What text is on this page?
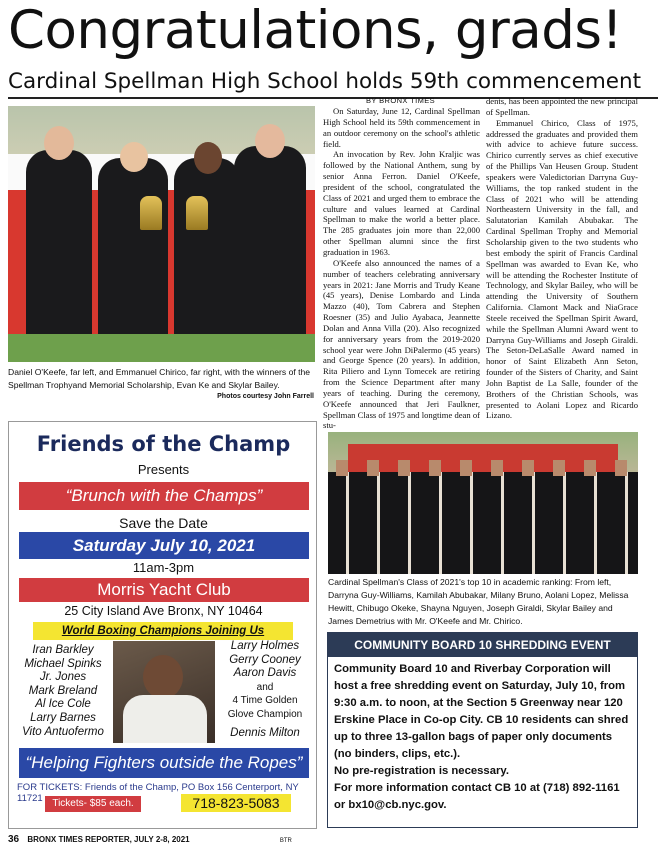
Congratulations, grads!
Cardinal Spellman High School holds 59th commencement
Daniel O'Keefe, far left, and Emmanuel Chirico, far right, with the winners of the Spellman Trophyand Memorial Scholarship, Evan Ke and Skylar Bailey.
Photos courtesy John Farrell
BY BRONX TIMES

On Saturday, June 12, Cardinal Spellman High School held its 59th commencement in an outdoor ceremony on the school's athletic field.

An invocation by Rev. John Kraljic was followed by the National Anthem, sung by senior Anna Ferron. Daniel O'Keefe, president of the school, congratulated the Class of 2021 and urged them to embrace the culture and values learned at Cardinal Spellman to make the world a better place. The 285 graduates join more than 22,000 other Spellman alumni since the first graduation in 1963.

O'Keefe also announced the names of a number of teachers celebrating anniversary years in 2021: Jane Morris and Trudy Keane (45 years), Denise Lombardo and Linda Mazzo (40), Tom Cabrera and Stephen Roesner (35) and Julio Ayabaca, Jeannette Dolan and Anna Villa (20). Also recognized for anniversary years from the 2019-2020 school year were John DiPalermo (45 years) and George Spence (20 years). In addition, Rita Piliero and Lynn Tomecek are retiring from the Science Department after many years of teaching. During the ceremony, O'Keefe announced that Jeri Faulkner, Spellman Class of 1975 and longtime dean of stu-

dents, has been appointed the new principal of Spellman.

Emmanuel Chirico, Class of 1975, addressed the graduates and provided them with advice to achieve future success. Chirico currently serves as chief executive of the Phillips Van Heusen Group. Student speakers were Valedictorian Darryna Guy-Williams, the top ranked student in the Class of 2021 who will be attending Northeastern University in the fall, and Salutatorian Kamilah Abubakar. The Cardinal Spellman Trophy and Memorial Scholarship given to the two students who best embody the spirit of Francis Cardinal Spellman was awarded to Evan Ke, who will be attending the Rochester Institute of Technology, and Skylar Bailey, who will be attending the University of Southern California. Clamont Mack and NiaGrace Steele received the Spellman Spirit Award, while the Spellman Alumni Award went to Darryna Guy-Williams and Joseph Giraldi. The Seton-DeLaSalle Award named in honor of Saint Elizabeth Ann Seton, founder of the Sisters of Charity, and Saint John Baptist de La Salle, founder of the Brothers of the Christian Schools, was presented to Aolani Lopez and Ricardo Lizano.

Friends of the Champ
Presents
“Brunch with the Champs”
Save the Date
Saturday July 10, 2021
11am-3pm
Morris Yacht Club
25 City Island Ave Bronx, NY 10464
World Boxing Champions Joining Us
Iran Barkley
Michael Spinks
Jr. Jones
Mark Breland
Al Ice Cole
Larry Barnes
Vito Antuofermo
Larry Holmes
Gerry Cooney
Aaron Davis
and
4 Time Golden
Glove Champion
Dennis Milton
“Helping Fighters outside the Ropes”
FOR TICKETS: Friends of the Champ, PO Box 156 Centerport, NY 11721 Tickets- $85 each.	718-823-5083
Cardinal Spellman's Class of 2021's top 10 in academic ranking: From left, Darryna Guy-Williams, Kamilah Abubakar, Milany Bruno, Aolani Lopez, Melissa Hewitt, Chibugo Okeke, Shayna Nguyen, Joseph Giraldi, Skylar Bailey and James Demetrius with Mr. O'Keefe and Mr. Chirico.
COMMUNITY BOARD 10 SHREDDING EVENT
Community Board 10 and Riverbay Corporation will host a free shredding event on Saturday, July 10, from 9:30 a.m. to noon, at the Section 5 Greenway near 120 Erskine Place in Co-op City. CB 10 residents can shred up to three 13-gallon bags of paper only documents (no binders, clips, etc.).
No pre-registration is necessary.
For more information contact CB 10 at (718) 892-1161 or bx10@cb.nyc.gov.
36 BRONX TIMES REPORTER, JULY 2-8, 2021	BTR
